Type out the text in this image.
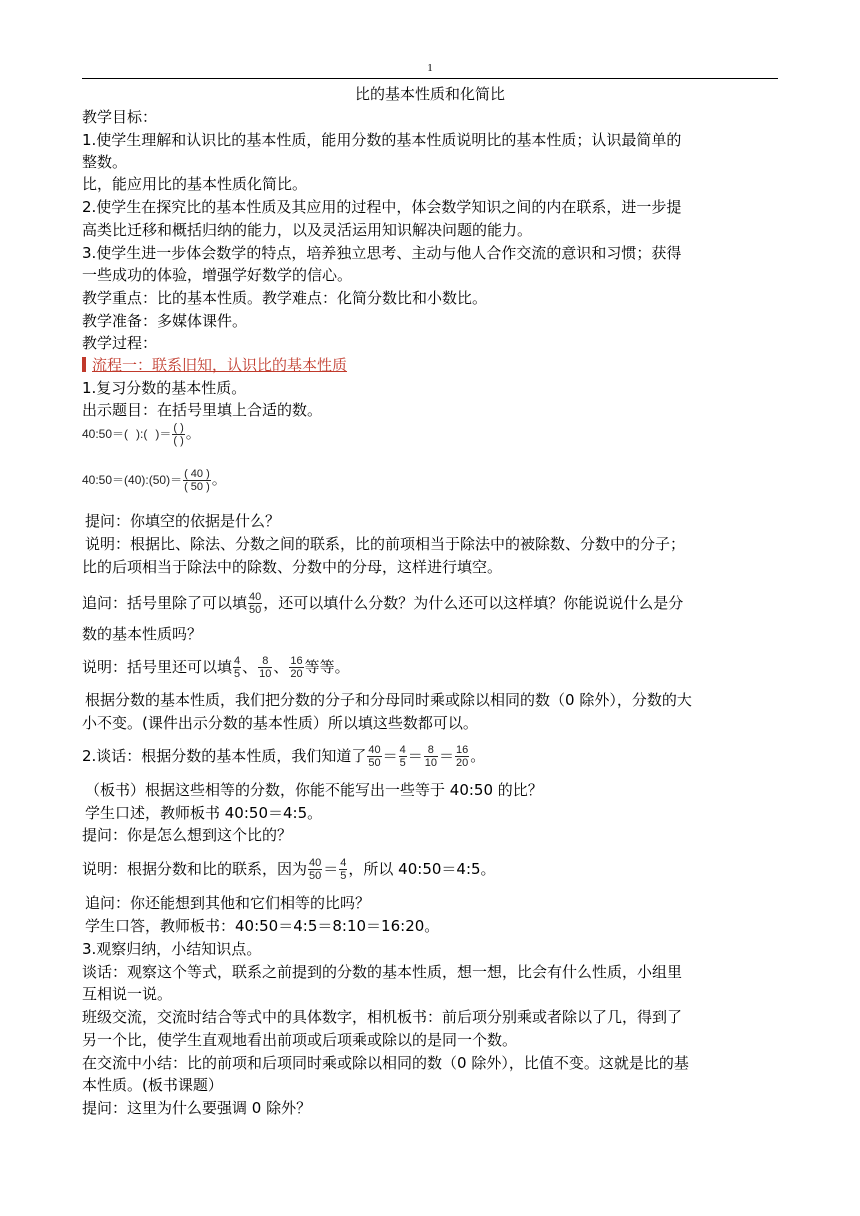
1
比的基本性质和化简比
教学目标：
1.使学生理解和认识比的基本性质，能用分数的基本性质说明比的基本性质；认识最简单的
整数。
比，能应用比的基本性质化简比。
2.使学生在探究比的基本性质及其应用的过程中，体会数学知识之间的内在联系，进一步提
高类比迁移和概括归纳的能力，以及灵活运用知识解决问题的能力。
3.使学生进一步体会数学的特点，培养独立思考、主动与他人合作交流的意识和习惯；获得
一些成功的体验，增强学好数学的信心。
教学重点：比的基本性质。教学难点：化简分数比和小数比。
教学准备：多媒体课件。
教学过程：
流程一：联系旧知，认识比的基本性质
1.复习分数的基本性质。
出示题目：在括号里填上合适的数。
40:50＝( ):( )＝ $\frac{( )}{( )}$ 。
40:50＝(40):(50)＝ $\frac{( 40 )}{( 50 )}$ 。
提问：你填空的依据是什么？
说明：根据比、除法、分数之间的联系，比的前项相当于除法中的被除数、分数中的分子；
比的后项相当于除法中的除数、分数中的分母，这样进行填空。
追问：括号里除了可以填 $\frac{40}{50}$ ，还可以填什么分数？为什么还可以这样填？你能说说什么是分
数的基本性质吗？
说明：括号里还可以填 $\frac{4}{5}$ 、 $\frac{8}{10}$ 、 $\frac{16}{20}$ 等等。
根据分数的基本性质，我们把分数的分子和分母同时乘或除以相同的数（0 除外），分数的大
小不变。(课件出示分数的基本性质）所以填这些数都可以。
2.谈话：根据分数的基本性质，我们知道了 $\frac{40}{50} = \frac{4}{5} = \frac{8}{10} = \frac{16}{20}$ 。
（板书）根据这些相等的分数，你能不能写出一些等于 40:50 的比？
学生口述，教师板书 40:50＝4:5。
提问：你是怎么想到这个比的？
说明：根据分数和比的联系，因为 $\frac{40}{50} = \frac{4}{5}$ ，所以 40:50＝4:5。
追问：你还能想到其他和它们相等的比吗？
学生口答，教师板书：40:50＝4:5＝8:10＝16:20。
3.观察归纳，小结知识点。
谈话：观察这个等式，联系之前提到的分数的基本性质，想一想，比会有什么性质，小组里
互相说一说。
班级交流，交流时结合等式中的具体数字，相机板书：前后项分别乘或者除以了几，得到了
另一个比，使学生直观地看出前项或后项乘或除以的是同一个数。
在交流中小结：比的前项和后项同时乘或除以相同的数（0 除外），比值不变。这就是比的基
本性质。(板书课题）
提问：这里为什么要强调 0 除外？
